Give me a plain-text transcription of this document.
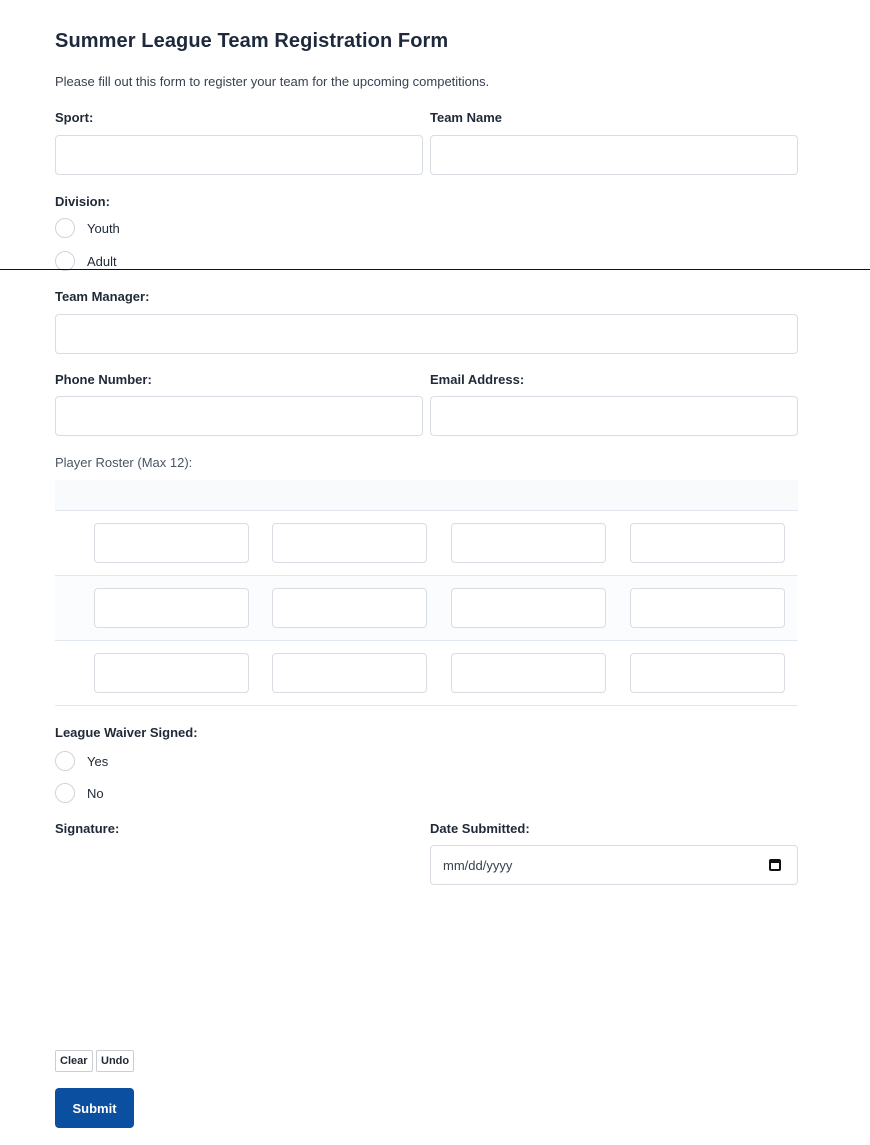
Summer League Team Registration Form
Please fill out this form to register your team for the upcoming competitions.
Sport:	Team Name
Division:
Youth
Adult
Team Manager:
Phone Number:	Email Address:
Player Roster (Max 12):
League Waiver Signed:
Yes
No
Signature:	Date Submitted:
mm/dd/yyyy
Clear	Undo
Submit
